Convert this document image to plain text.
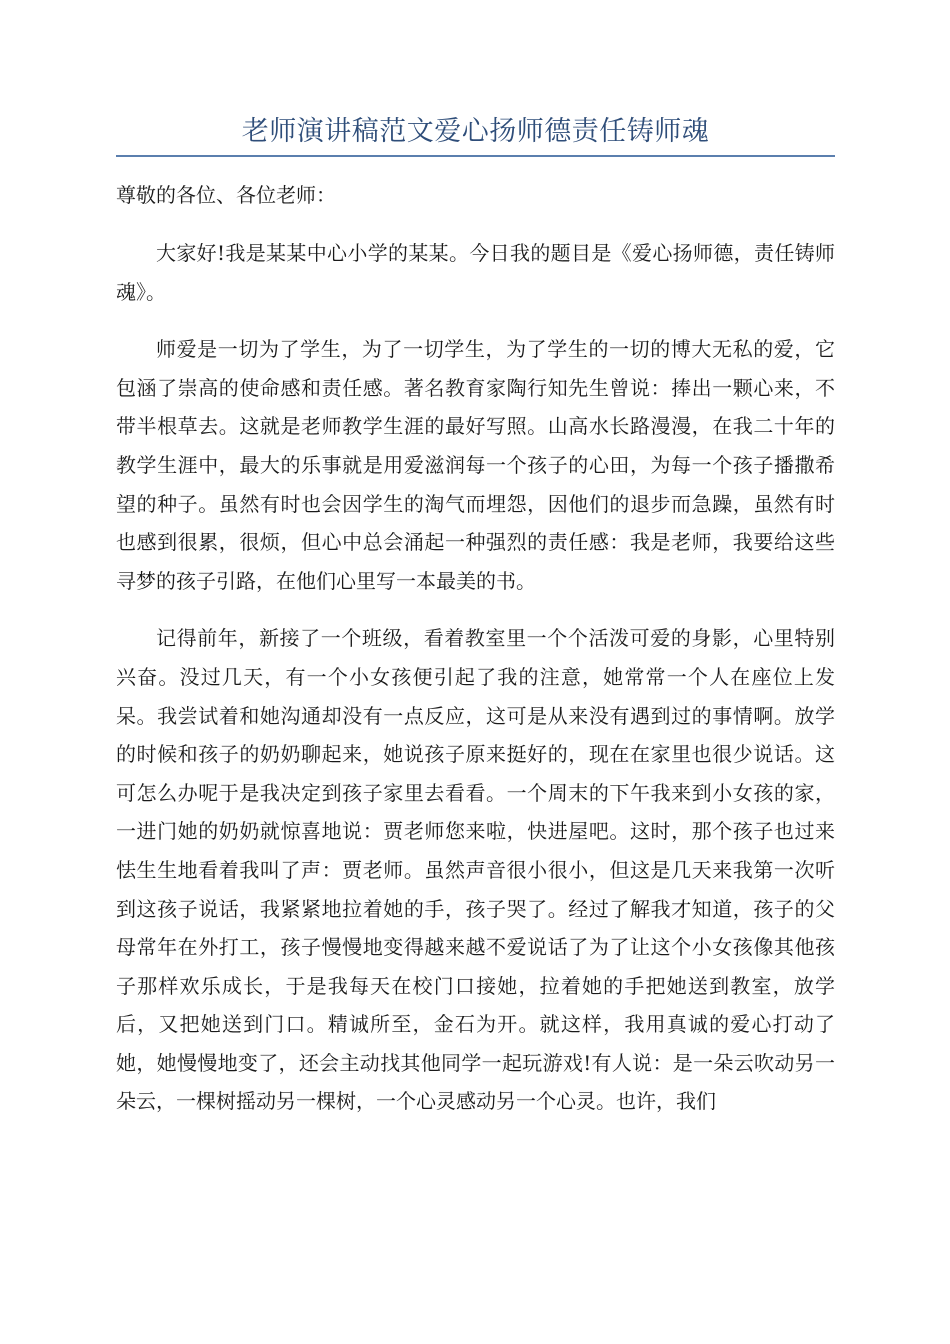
老师演讲稿范文爱心扬师德责任铸师魂

尊敬的各位、各位老师：

大家好!我是某某中心小学的某某。今日我的题目是《爱心扬师德，责任铸师魂》。

师爱是一切为了学生，为了一切学生，为了学生的一切的博大无私的爱，它包涵了崇高的使命感和责任感。著名教育家陶行知先生曾说：捧出一颗心来，不带半根草去。这就是老师教学生涯的最好写照。山高水长路漫漫，在我二十年的教学生涯中，最大的乐事就是用爱滋润每一个孩子的心田，为每一个孩子播撒希望的种子。虽然有时也会因学生的淘气而埋怨，因他们的退步而急躁，虽然有时也感到很累，很烦，但心中总会涌起一种强烈的责任感：我是老师，我要给这些寻梦的孩子引路，在他们心里写一本最美的书。

记得前年，新接了一个班级，看着教室里一个个活泼可爱的身影，心里特别兴奋。没过几天，有一个小女孩便引起了我的注意，她常常一个人在座位上发呆。我尝试着和她沟通却没有一点反应，这可是从来没有遇到过的事情啊。放学的时候和孩子的奶奶聊起来，她说孩子原来挺好的，现在在家里也很少说话。这可怎么办呢于是我决定到孩子家里去看看。一个周末的下午我来到小女孩的家，一进门她的奶奶就惊喜地说：贾老师您来啦，快进屋吧。这时，那个孩子也过来怯生生地看着我叫了声：贾老师。虽然声音很小很小，但这是几天来我第一次听到这孩子说话，我紧紧地拉着她的手，孩子哭了。经过了解我才知道，孩子的父母常年在外打工，孩子慢慢地变得越来越不爱说话了为了让这个小女孩像其他孩子那样欢乐成长，于是我每天在校门口接她，拉着她的手把她送到教室，放学后，又把她送到门口。精诚所至，金石为开。就这样，我用真诚的爱心打动了她，她慢慢地变了，还会主动找其他同学一起玩游戏!有人说：是一朵云吹动另一朵云，一棵树摇动另一棵树，一个心灵感动另一个心灵。也许，我们
